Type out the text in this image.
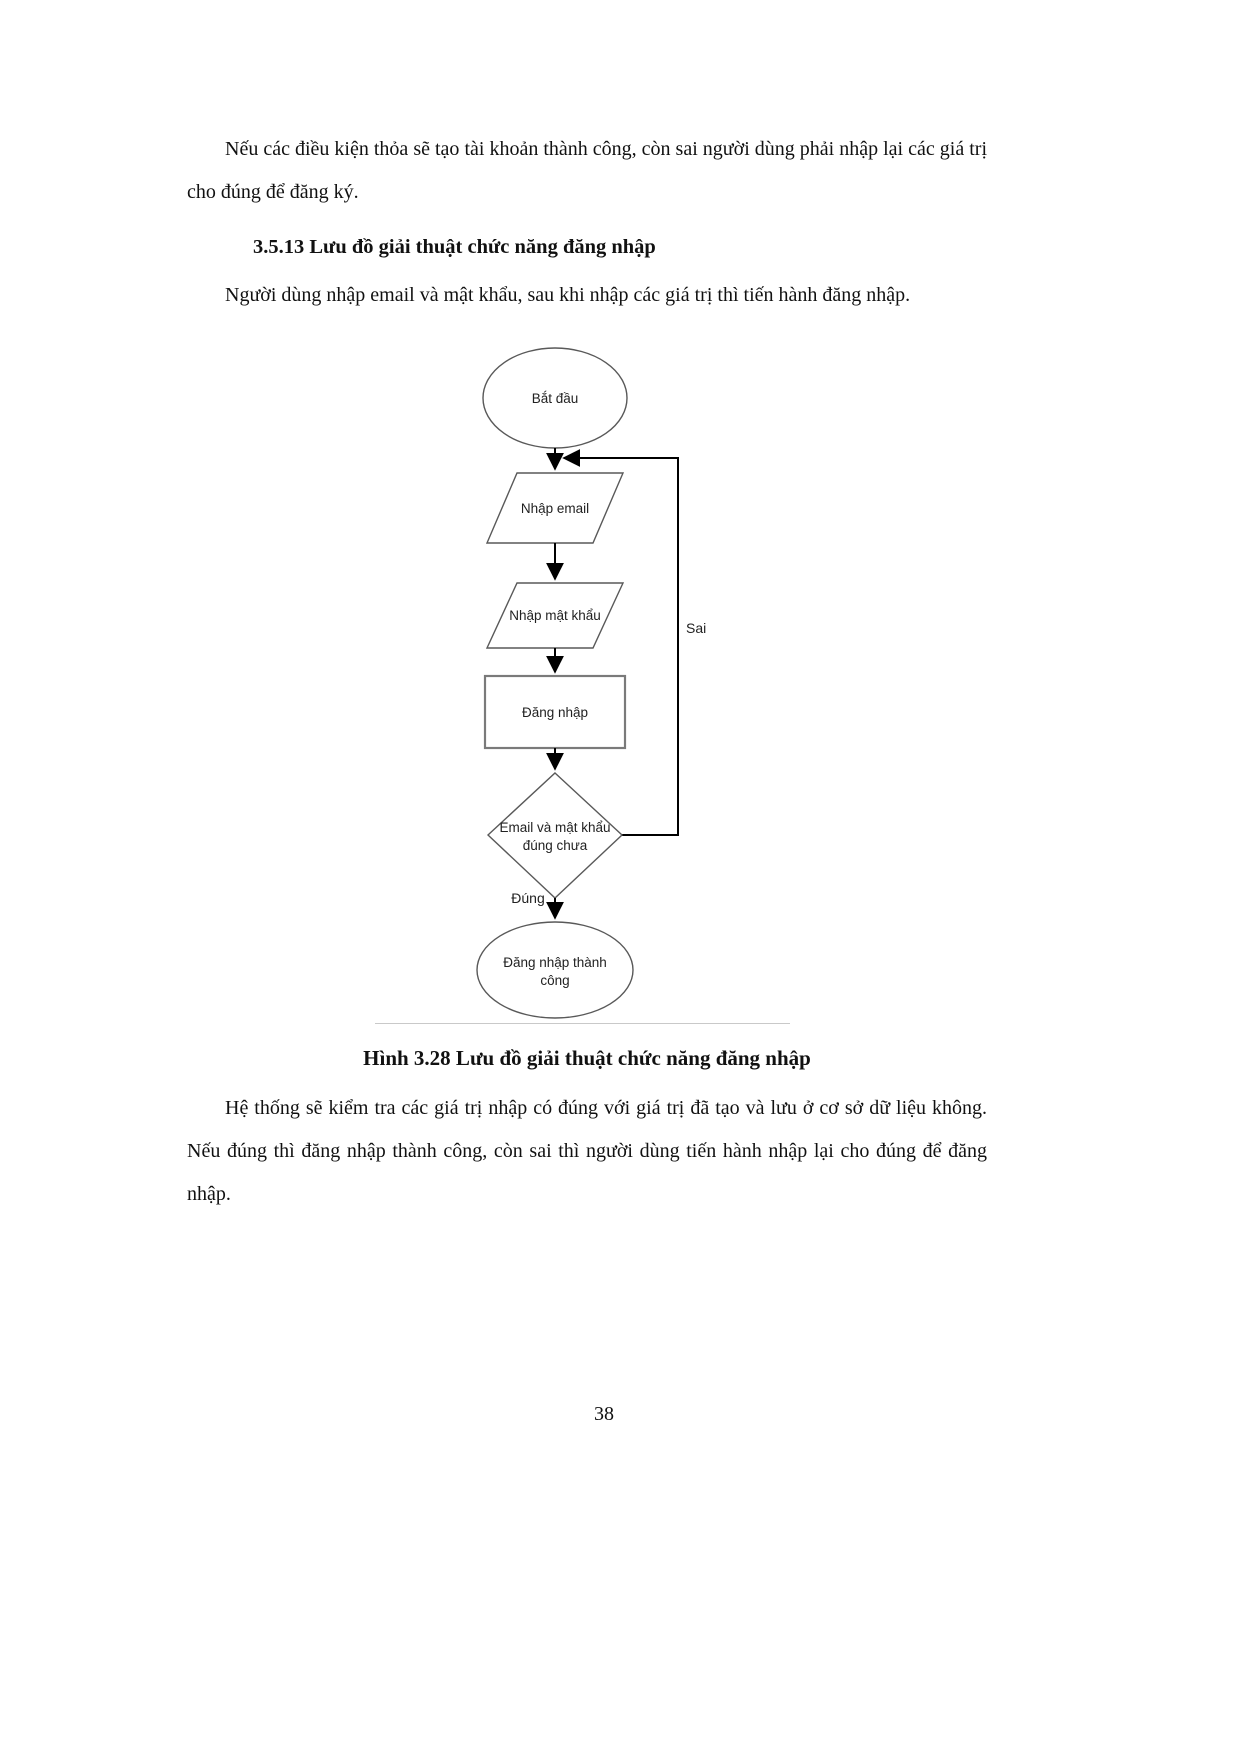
Nếu các điều kiện thỏa sẽ tạo tài khoản thành công, còn sai người dùng phải nhập lại các giá trị cho đúng để đăng ký.

3.5.13 Lưu đồ giải thuật chức năng đăng nhập

Người dùng nhập email và mật khẩu, sau khi nhập các giá trị thì tiến hành đăng nhập.

Bắt đầu
Sai
Nhập email
Nhập mật khẩu
Đăng nhập
Email và mật khẩu
đúng chưa
Đúng
Đăng nhập thành
công

Hình 3.28 Lưu đồ giải thuật chức năng đăng nhập

Hệ thống sẽ kiểm tra các giá trị nhập có đúng với giá trị đã tạo và lưu ở cơ sở dữ liệu không. Nếu đúng thì đăng nhập thành công, còn sai thì người dùng tiến hành nhập lại cho đúng để đăng nhập.

38
